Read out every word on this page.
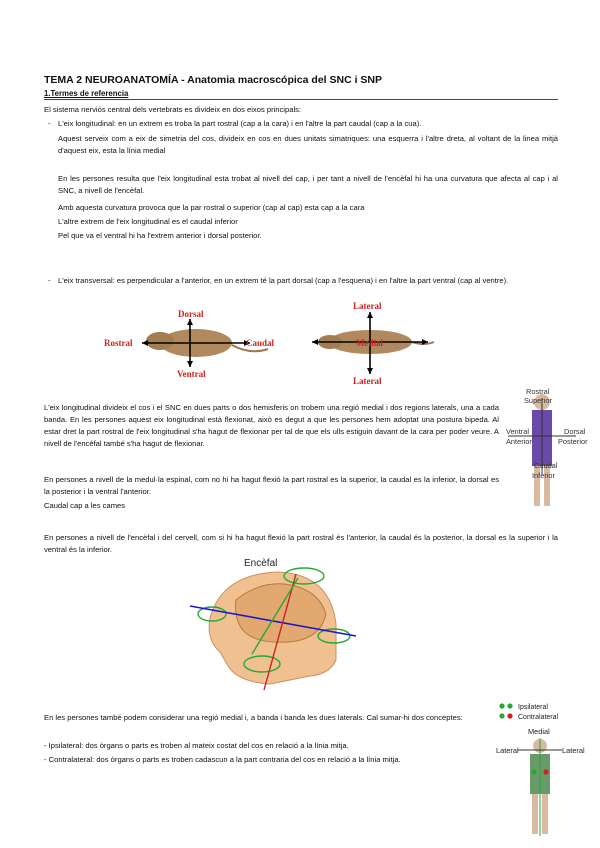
TEMA 2 NEUROANATOMÍA - Anatomia macroscópica del SNC i SNP
1.Termes de referencia
El sistema nerviós central dels vertebrats es divideix en dos eixos principals:
- L'eix longitudinal: en un extrem es troba la part rostral (cap a la cara) i en l'altre la part caudal (cap a la cua).
Aquest serveix com a eix de simetria del cos, divideix en cos en dues unitats simatriques: una esquerra i l'altre dreta, al voltant de la linea mitjà d'aquest eix, esta la línia medial
En les persones resulta que l'eix longitudinal esta trobat al nivell del cap, i per tant a nivell de l'encèfal hi ha una curvatura que afecta al cap i al SNC, a nivell de l'encèfal.
Amb aquesta curvatura provoca que la par rostral o superior (cap al cap) esta cap a la cara
L'altre extrem de l'eix longitudinal es el caudal inferior
Pel que va el ventral hi ha l'extrem anterior i dorsal posterior.
- L'eix transversal: es perpendicular a l'anterior, en un extrem té la part dorsal (cap a l'esquena) i en l'altre la part ventral (cap al ventre).
Dorsal
Rostral	Caudal
Ventral
Lateral
Medial
Lateral
L'eix longitudinal divideix el cos i el SNC en dues parts o dos hemisferis on trobem una regió medial i dos regions laterals, una a cada banda. En les persones aquest eix longitudinal està flexionat, això es degut a que les persones hem adoptat una postura bipeda. Al estar dret la part rostral de l'eix longitudinal s'ha hagut de flexionar per tal de que els ulls estiguin davant de la cara per poder veure. A nivell de l'encèfal també s'ha hagut de flexionar.
En persones a nivell de la medul·la espinal, com no hi ha hagut flexió la part rostral es la superior, la caudal es la inferior, la dorsal es la posterior i la ventral l'anterior.
Caudal cap a les cames
Rostral
Superior
Ventral
Anterior
Dorsal
Posterior
Caudal
Inferior
En persones a nivell de l'encèfal i del cervell, com si hi ha hagut flexió la part rostral és l'anterior, la caudal és la posterior, la dorsal es la superior i la ventral és la inferior.
Encèfal
En les persones també podem considerar una regió medial i, a banda i banda les dues laterals. Cal sumar-hi dos conceptes:
- Ipsilateral: dos òrgans o parts es troben al mateix costat del cos en relació a la línia mitja.
- Contralateral: dos òrgans o parts es troben cadascun a la part contraria del cos en relació a la línia mitja.
Ipsilateral
Contralateral
Medial
Lateral	Lateral
